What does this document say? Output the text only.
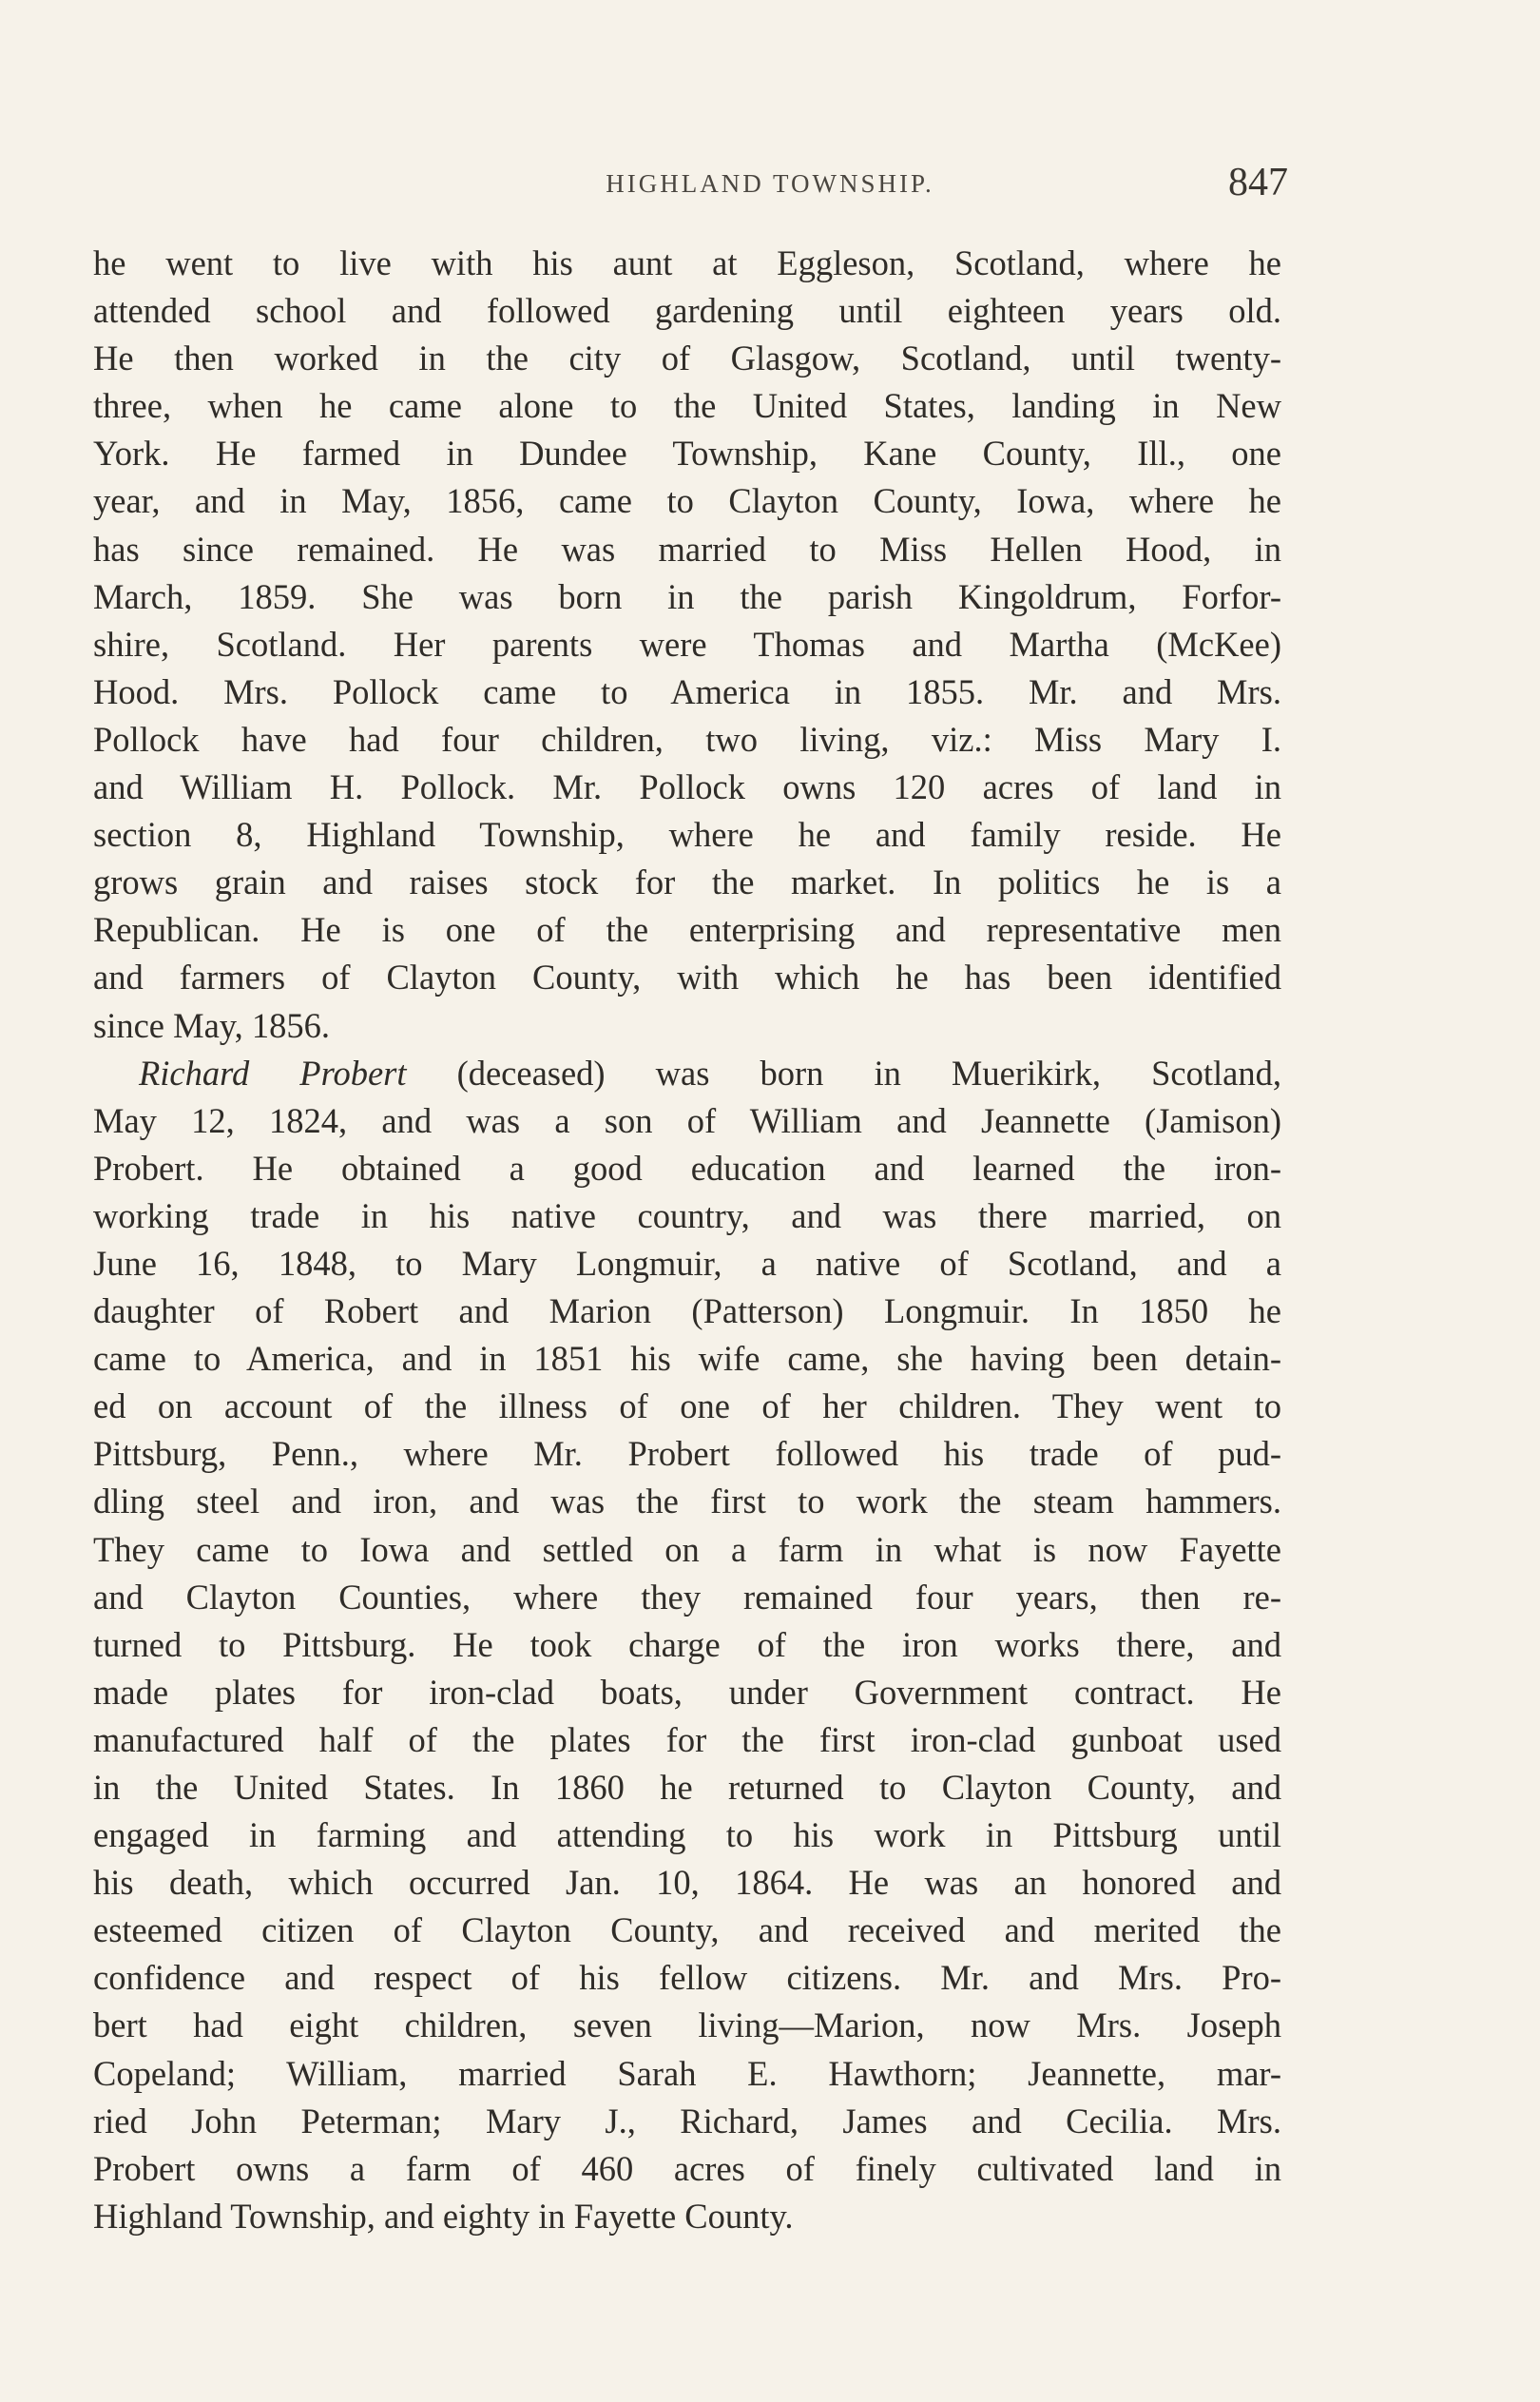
HIGHLAND TOWNSHIP.	847
he went to live with his aunt at Eggleson, Scotland, where he
attended school and followed gardening until eighteen years old.
He then worked in the city of Glasgow, Scotland, until twenty-
three, when he came alone to the United States, landing in New
York. He farmed in Dundee Township, Kane County, Ill., one
year, and in May, 1856, came to Clayton County, Iowa, where he
has since remained. He was married to Miss Hellen Hood, in
March, 1859. She was born in the parish Kingoldrum, Forfor-
shire, Scotland. Her parents were Thomas and Martha (McKee)
Hood. Mrs. Pollock came to America in 1855. Mr. and Mrs.
Pollock have had four children, two living, viz.: Miss Mary I.
and William H. Pollock. Mr. Pollock owns 120 acres of land in
section 8, Highland Township, where he and family reside. He
grows grain and raises stock for the market. In politics he is a
Republican. He is one of the enterprising and representative men
and farmers of Clayton County, with which he has been identified
since May, 1856.
Richard Probert (deceased) was born in Muerikirk, Scotland,
May 12, 1824, and was a son of William and Jeannette (Jamison)
Probert. He obtained a good education and learned the iron-
working trade in his native country, and was there married, on
June 16, 1848, to Mary Longmuir, a native of Scotland, and a
daughter of Robert and Marion (Patterson) Longmuir. In 1850 he
came to America, and in 1851 his wife came, she having been detain-
ed on account of the illness of one of her children. They went to
Pittsburg, Penn., where Mr. Probert followed his trade of pud-
dling steel and iron, and was the first to work the steam hammers.
They came to Iowa and settled on a farm in what is now Fayette
and Clayton Counties, where they remained four years, then re-
turned to Pittsburg. He took charge of the iron works there, and
made plates for iron-clad boats, under Government contract. He
manufactured half of the plates for the first iron-clad gunboat used
in the United States. In 1860 he returned to Clayton County, and
engaged in farming and attending to his work in Pittsburg until
his death, which occurred Jan. 10, 1864. He was an honored and
esteemed citizen of Clayton County, and received and merited the
confidence and respect of his fellow citizens. Mr. and Mrs. Pro-
bert had eight children, seven living—Marion, now Mrs. Joseph
Copeland; William, married Sarah E. Hawthorn; Jeannette, mar-
ried John Peterman; Mary J., Richard, James and Cecilia. Mrs.
Probert owns a farm of 460 acres of finely cultivated land in
Highland Township, and eighty in Fayette County.
